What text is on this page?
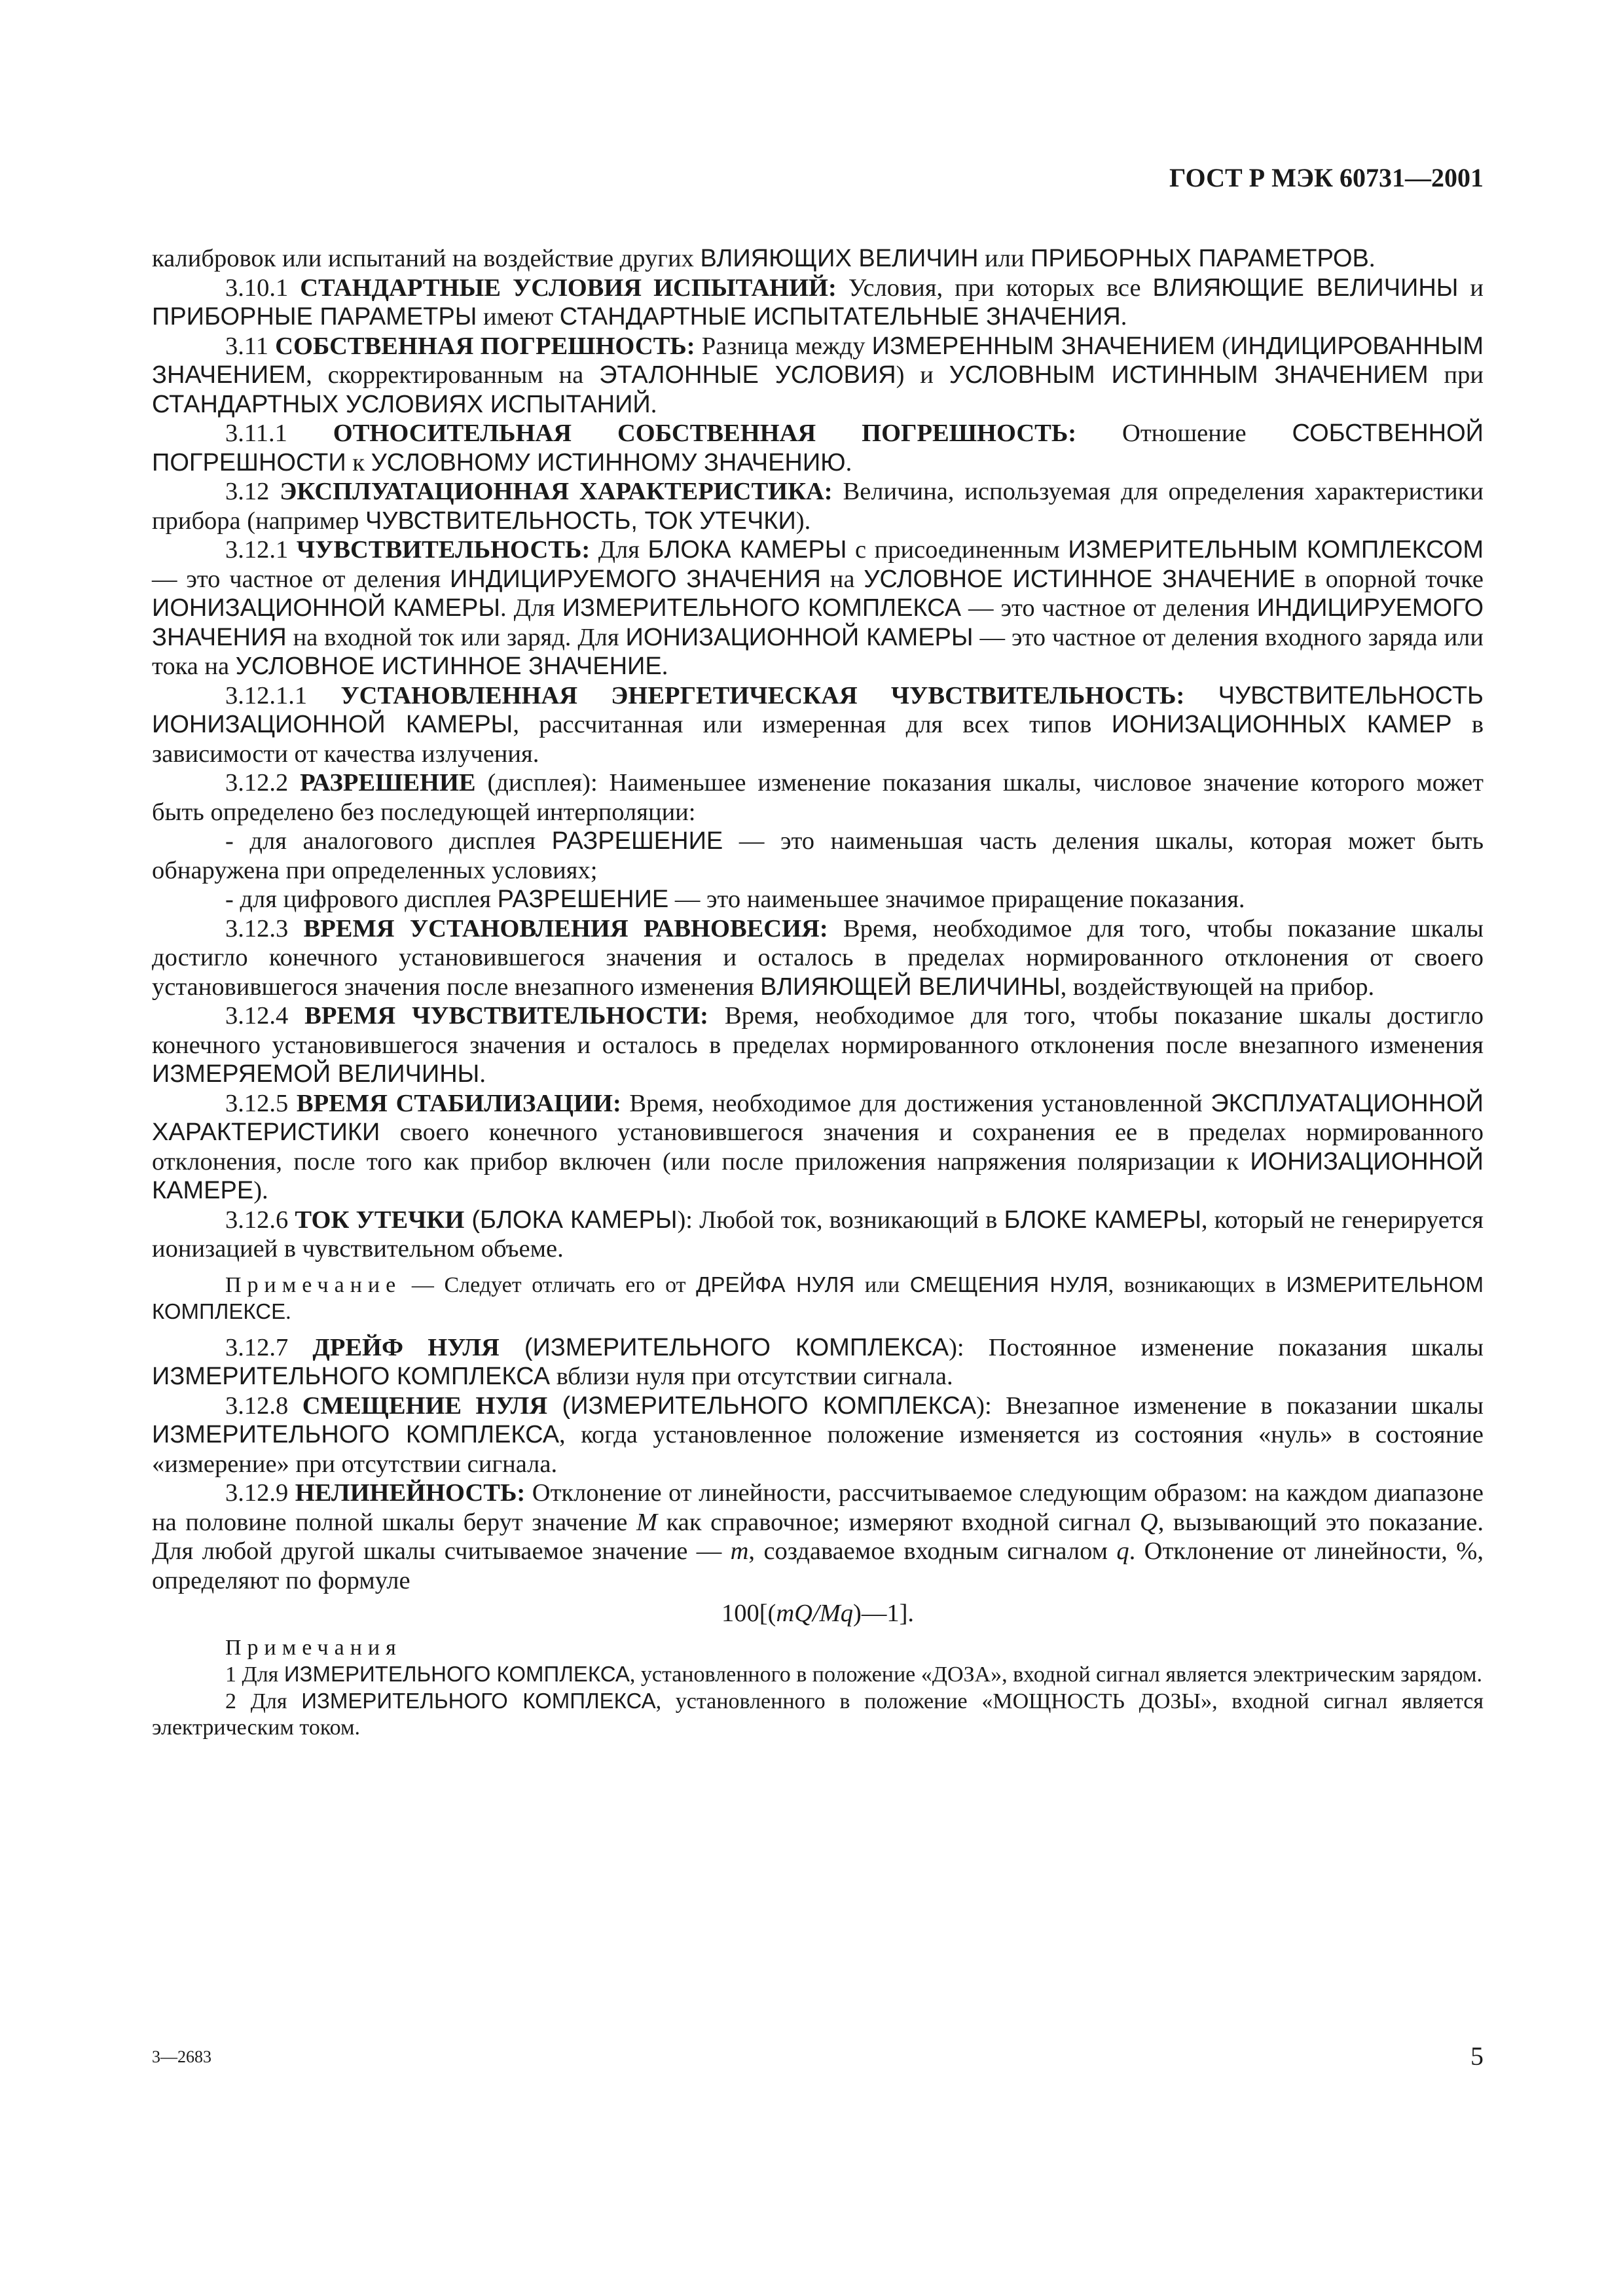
ГОСТ Р МЭК 60731—2001

калибровок или испытаний на воздействие других ВЛИЯЮЩИХ ВЕЛИЧИН или ПРИБОРНЫХ ПАРАМЕТРОВ.

3.10.1 СТАНДАРТНЫЕ УСЛОВИЯ ИСПЫТАНИЙ: Условия, при которых все ВЛИЯЮЩИЕ ВЕЛИЧИНЫ и ПРИБОРНЫЕ ПАРАМЕТРЫ имеют СТАНДАРТНЫЕ ИСПЫТАТЕЛЬНЫЕ ЗНАЧЕНИЯ.

3.11 СОБСТВЕННАЯ ПОГРЕШНОСТЬ: Разница между ИЗМЕРЕННЫМ ЗНАЧЕНИЕМ (ИНДИЦИРОВАННЫМ ЗНАЧЕНИЕМ, скорректированным на ЭТАЛОННЫЕ УСЛОВИЯ) и УСЛОВНЫМ ИСТИННЫМ ЗНАЧЕНИЕМ при СТАНДАРТНЫХ УСЛОВИЯХ ИСПЫТАНИЙ.

3.11.1 ОТНОСИТЕЛЬНАЯ СОБСТВЕННАЯ ПОГРЕШНОСТЬ: Отношение СОБСТВЕННОЙ ПОГРЕШНОСТИ к УСЛОВНОМУ ИСТИННОМУ ЗНАЧЕНИЮ.

3.12 ЭКСПЛУАТАЦИОННАЯ ХАРАКТЕРИСТИКА: Величина, используемая для определения характеристики прибора (например ЧУВСТВИТЕЛЬНОСТЬ, ТОК УТЕЧКИ).

3.12.1 ЧУВСТВИТЕЛЬНОСТЬ: Для БЛОКА КАМЕРЫ с присоединенным ИЗМЕРИТЕЛЬНЫМ КОМПЛЕКСОМ — это частное от деления ИНДИЦИРУЕМОГО ЗНАЧЕНИЯ на УСЛОВНОЕ ИСТИННОЕ ЗНАЧЕНИЕ в опорной точке ИОНИЗАЦИОННОЙ КАМЕРЫ. Для ИЗМЕРИТЕЛЬНОГО КОМПЛЕКСА — это частное от деления ИНДИЦИРУЕМОГО ЗНАЧЕНИЯ на входной ток или заряд. Для ИОНИЗАЦИОННОЙ КАМЕРЫ — это частное от деления входного заряда или тока на УСЛОВНОЕ ИСТИННОЕ ЗНАЧЕНИЕ.

3.12.1.1 УСТАНОВЛЕННАЯ ЭНЕРГЕТИЧЕСКАЯ ЧУВСТВИТЕЛЬНОСТЬ: ЧУВСТВИТЕЛЬНОСТЬ ИОНИЗАЦИОННОЙ КАМЕРЫ, рассчитанная или измеренная для всех типов ИОНИЗАЦИОННЫХ КАМЕР в зависимости от качества излучения.

3.12.2 РАЗРЕШЕНИЕ (дисплея): Наименьшее изменение показания шкалы, числовое значение которого может быть определено без последующей интерполяции:

- для аналогового дисплея РАЗРЕШЕНИЕ — это наименьшая часть деления шкалы, которая может быть обнаружена при определенных условиях;

- для цифрового дисплея РАЗРЕШЕНИЕ — это наименьшее значимое приращение показания.

3.12.3 ВРЕМЯ УСТАНОВЛЕНИЯ РАВНОВЕСИЯ: Время, необходимое для того, чтобы показание шкалы достигло конечного установившегося значения и осталось в пределах нормированного отклонения от своего установившегося значения после внезапного изменения ВЛИЯЮЩЕЙ ВЕЛИЧИНЫ, воздействующей на прибор.

3.12.4 ВРЕМЯ ЧУВСТВИТЕЛЬНОСТИ: Время, необходимое для того, чтобы показание шкалы достигло конечного установившегося значения и осталось в пределах нормированного отклонения после внезапного изменения ИЗМЕРЯЕМОЙ ВЕЛИЧИНЫ.

3.12.5 ВРЕМЯ СТАБИЛИЗАЦИИ: Время, необходимое для достижения установленной ЭКСПЛУАТАЦИОННОЙ ХАРАКТЕРИСТИКИ своего конечного установившегося значения и сохранения ее в пределах нормированного отклонения, после того как прибор включен (или после приложения напряжения поляризации к ИОНИЗАЦИОННОЙ КАМЕРЕ).

3.12.6 ТОК УТЕЧКИ (БЛОКА КАМЕРЫ): Любой ток, возникающий в БЛОКЕ КАМЕРЫ, который не генерируется ионизацией в чувствительном объеме.

Примечание — Следует отличать его от ДРЕЙФА НУЛЯ или СМЕЩЕНИЯ НУЛЯ, возникающих в ИЗМЕРИТЕЛЬНОМ КОМПЛЕКСЕ.

3.12.7 ДРЕЙФ НУЛЯ (ИЗМЕРИТЕЛЬНОГО КОМПЛЕКСА): Постоянное изменение показания шкалы ИЗМЕРИТЕЛЬНОГО КОМПЛЕКСА вблизи нуля при отсутствии сигнала.

3.12.8 СМЕЩЕНИЕ НУЛЯ (ИЗМЕРИТЕЛЬНОГО КОМПЛЕКСА): Внезапное изменение в показании шкалы ИЗМЕРИТЕЛЬНОГО КОМПЛЕКСА, когда установленное положение изменяется из состояния «нуль» в состояние «измерение» при отсутствии сигнала.

3.12.9 НЕЛИНЕЙНОСТЬ: Отклонение от линейности, рассчитываемое следующим образом: на каждом диапазоне на половине полной шкалы берут значение M как справочное; измеряют входной сигнал Q, вызывающий это показание. Для любой другой шкалы считываемое значение — m, создаваемое входным сигналом q. Отклонение от линейности, %, определяют по формуле

100[(mQ/Mq)—1].

Примечания

1 Для ИЗМЕРИТЕЛЬНОГО КОМПЛЕКСА, установленного в положение «ДОЗА», входной сигнал является электрическим зарядом.

2 Для ИЗМЕРИТЕЛЬНОГО КОМПЛЕКСА, установленного в положение «МОЩНОСТЬ ДОЗЫ», входной сигнал является электрическим током.

3—2683	5
